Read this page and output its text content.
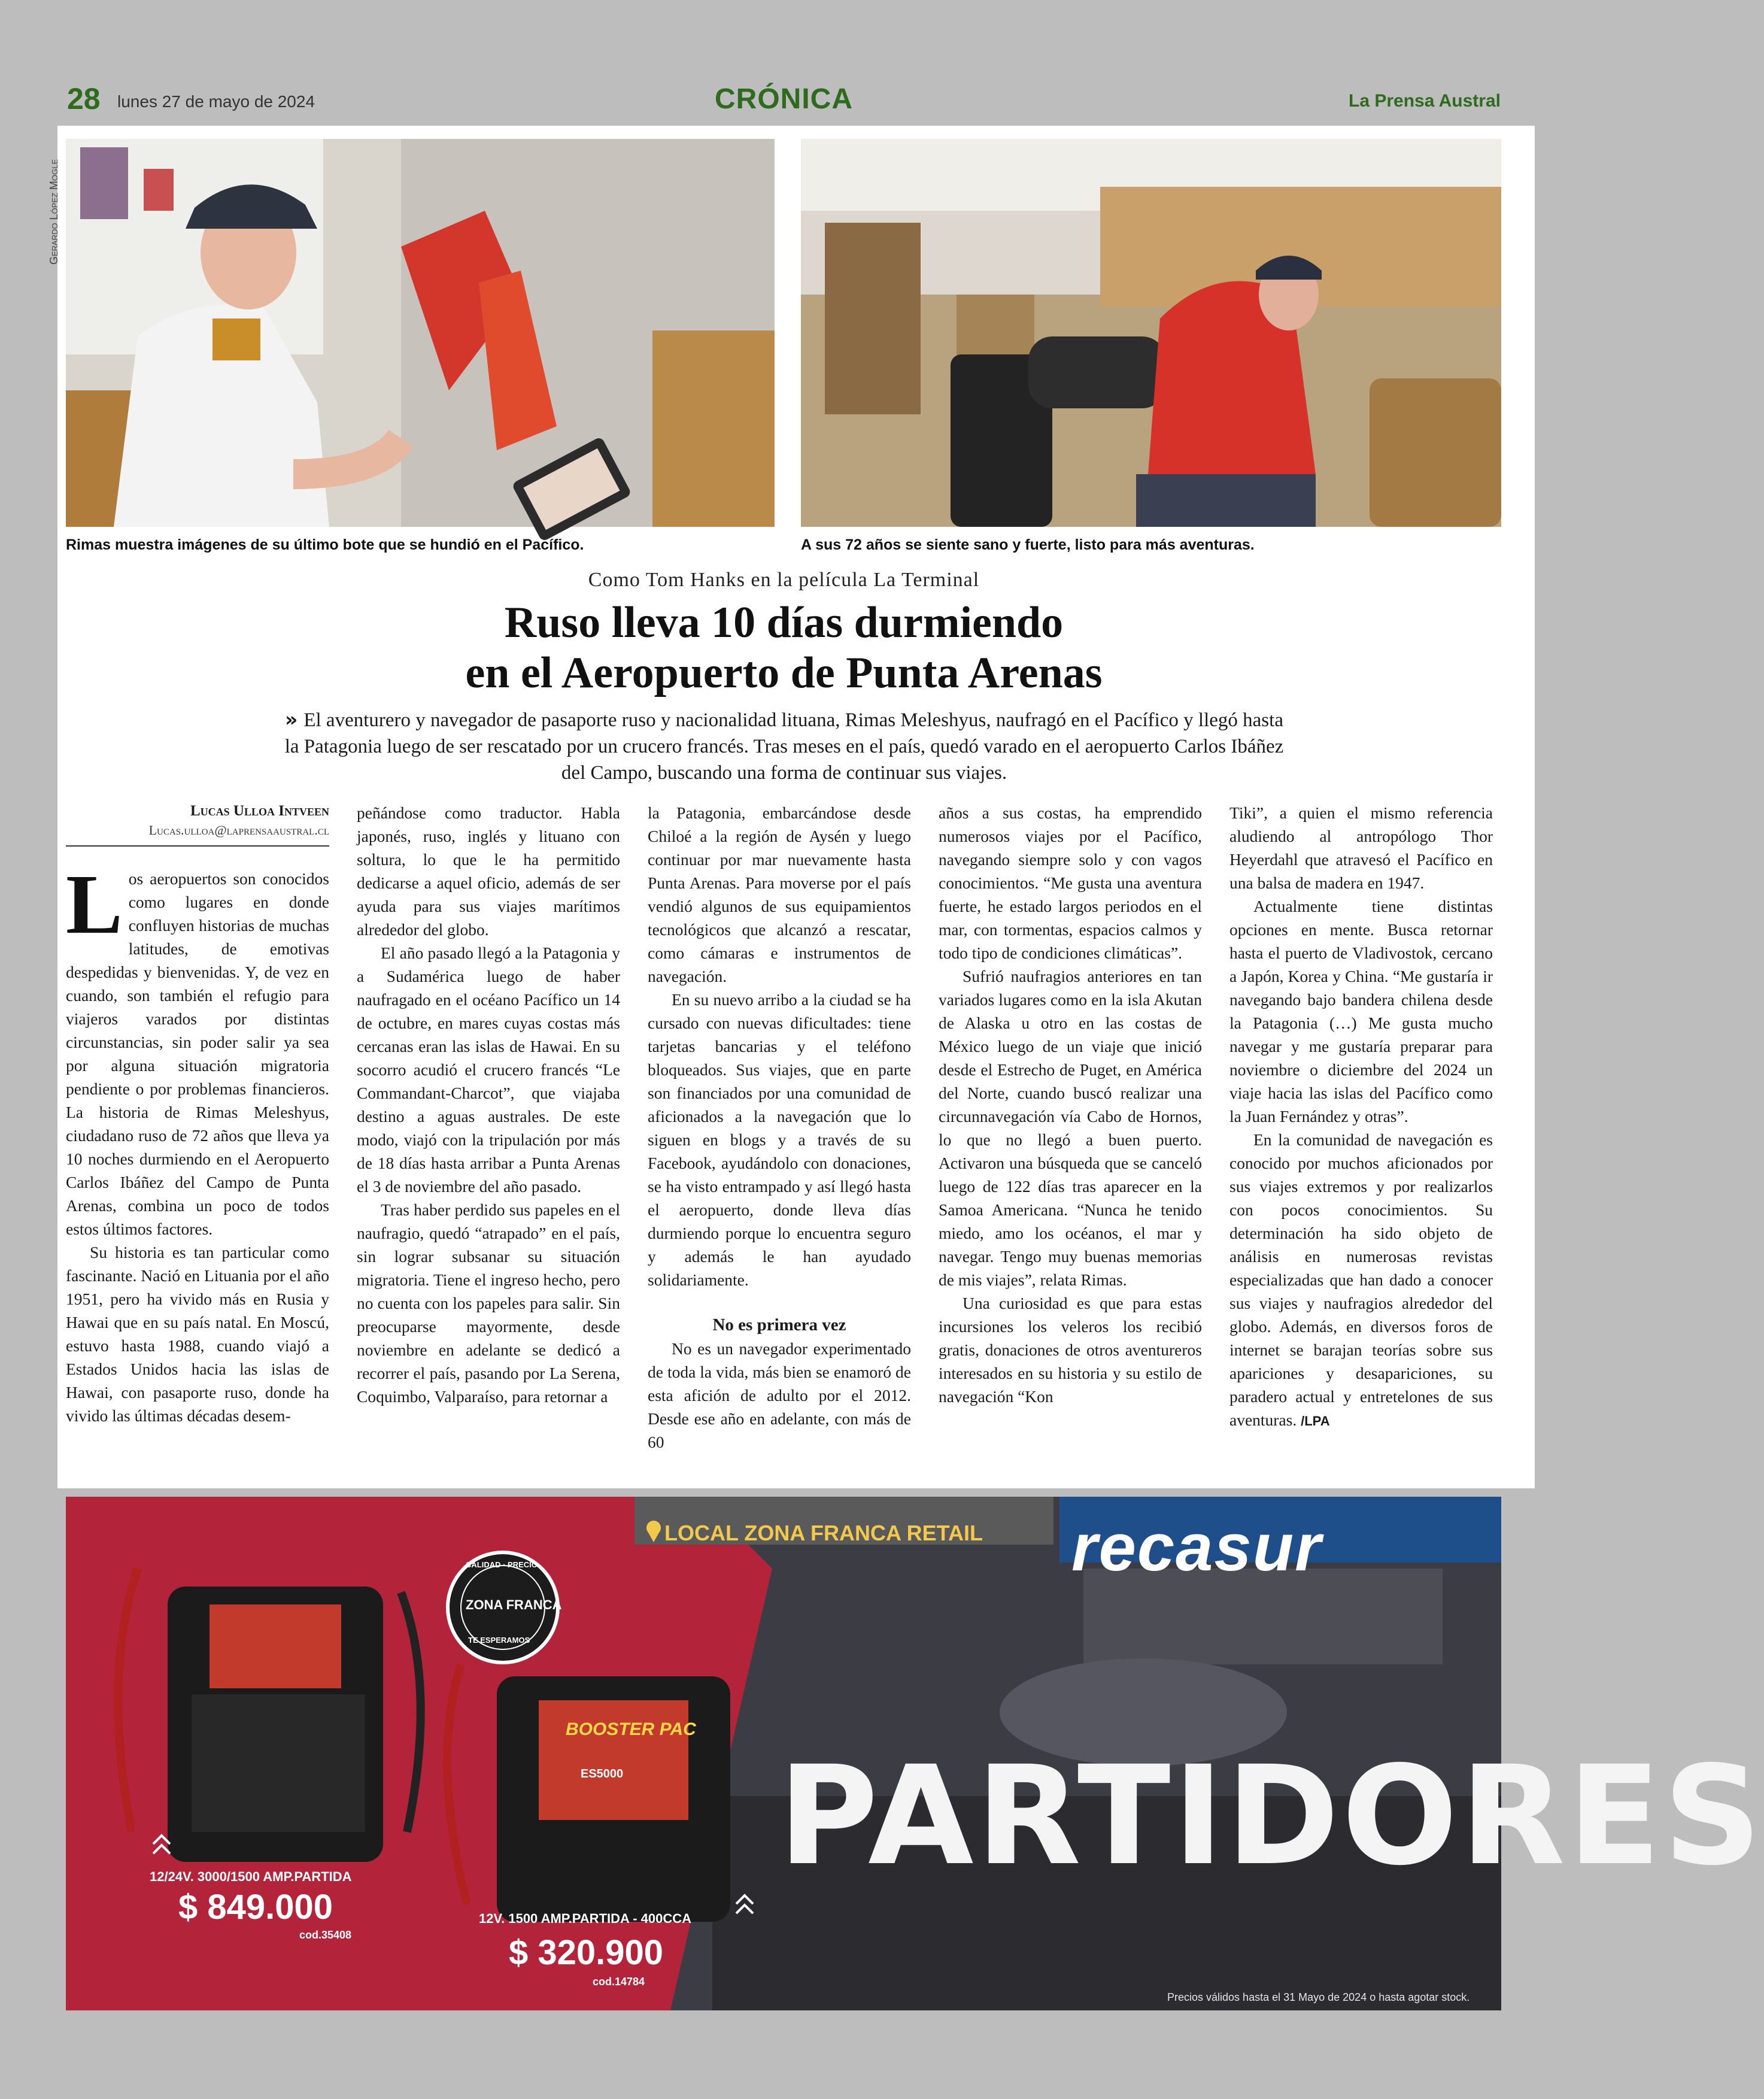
28 lunes 27 de mayo de 2024	CRÓNICA	La Prensa Austral
Gerardo López Mogle
Rimas muestra imágenes de su último bote que se hundió en el Pacífico.	A sus 72 años se siente sano y fuerte, listo para más aventuras.
Como Tom Hanks en la película La Terminal
Ruso lleva 10 días durmiendo
en el Aeropuerto de Punta Arenas
» El aventurero y navegador de pasaporte ruso y nacionalidad lituana, Rimas Meleshyus, naufragó en el Pacífico y llegó hasta la Patagonia luego de ser rescatado por un crucero francés. Tras meses en el país, quedó varado en el aeropuerto Carlos Ibáñez del Campo, buscando una forma de continuar sus viajes.
Lucas Ulloa Intveen
Lucas.ulloa@laprensaaustral.cl

Los aeropuertos son conocidos como lugares en donde confluyen historias de muchas latitudes, de emotivas despedidas y bienvenidas. Y, de vez en cuando, son también el refugio para viajeros varados por distintas circunstancias, sin poder salir ya sea por alguna situación migratoria pendiente o por problemas financieros. La historia de Rimas Meleshyus, ciudadano ruso de 72 años que lleva ya 10 noches durmiendo en el Aeropuerto Carlos Ibáñez del Campo de Punta Arenas, combina un poco de todos estos últimos factores.

Su historia es tan particular como fascinante. Nació en Lituania por el año 1951, pero ha vivido más en Rusia y Hawai que en su país natal. En Moscú, estuvo hasta 1988, cuando viajó a Estados Unidos hacia las islas de Hawai, con pasaporte ruso, donde ha vivido las últimas décadas desem-

peñándose como traductor. Habla japonés, ruso, inglés y lituano con soltura, lo que le ha permitido dedicarse a aquel oficio, además de ser ayuda para sus viajes marítimos alrededor del globo.

El año pasado llegó a la Patagonia y a Sudamérica luego de haber naufragado en el océano Pacífico un 14 de octubre, en mares cuyas costas más cercanas eran las islas de Hawai. En su socorro acudió el crucero francés “Le Commandant-Charcot”, que viajaba destino a aguas australes. De este modo, viajó con la tripulación por más de 18 días hasta arribar a Punta Arenas el 3 de noviembre del año pasado.

Tras haber perdido sus papeles en el naufragio, quedó “atrapado” en el país, sin lograr subsanar su situación migratoria. Tiene el ingreso hecho, pero no cuenta con los papeles para salir. Sin preocuparse mayormente, desde noviembre en adelante se dedicó a recorrer el país, pasando por La Serena, Coquimbo, Valparaíso, para retornar a

la Patagonia, embarcándose desde Chiloé a la región de Aysén y luego continuar por mar nuevamente hasta Punta Arenas. Para moverse por el país vendió algunos de sus equipamientos tecnológicos que alcanzó a rescatar, como cámaras e instrumentos de navegación.

En su nuevo arribo a la ciudad se ha cursado con nuevas dificultades: tiene tarjetas bancarias y el teléfono bloqueados. Sus viajes, que en parte son financiados por una comunidad de aficionados a la navegación que lo siguen en blogs y a través de su Facebook, ayudándolo con donaciones, se ha visto entrampado y así llegó hasta el aeropuerto, donde lleva días durmiendo porque lo encuentra seguro y además le han ayudado solidariamente.

No es primera vez

No es un navegador experimentado de toda la vida, más bien se enamoró de esta afición de adulto por el 2012. Desde ese año en adelante, con más de 60

años a sus costas, ha emprendido numerosos viajes por el Pacífico, navegando siempre solo y con vagos conocimientos. “Me gusta una aventura fuerte, he estado largos periodos en el mar, con tormentas, espacios calmos y todo tipo de condiciones climáticas”.

Sufrió naufragios anteriores en tan variados lugares como en la isla Akutan de Alaska u otro en las costas de México luego de un viaje que inició desde el Estrecho de Puget, en América del Norte, cuando buscó realizar una circunnavegación vía Cabo de Hornos, lo que no llegó a buen puerto. Activaron una búsqueda que se canceló luego de 122 días tras aparecer en la Samoa Americana. “Nunca he tenido miedo, amo los océanos, el mar y navegar. Tengo muy buenas memorias de mis viajes”, relata Rimas.

Una curiosidad es que para estas incursiones los veleros los recibió gratis, donaciones de otros aventureros interesados en su historia y su estilo de navegación “Kon

Tiki”, a quien el mismo referencia aludiendo al antropólogo Thor Heyerdahl que atravesó el Pacífico en una balsa de madera en 1947.

Actualmente tiene distintas opciones en mente. Busca retornar hasta el puerto de Vladivostok, cercano a Japón, Korea y China. “Me gustaría ir navegando bajo bandera chilena desde la Patagonia (…) Me gusta mucho navegar y me gustaría preparar para noviembre o diciembre del 2024 un viaje hacia las islas del Pacífico como la Juan Fernández y otras”.

En la comunidad de navegación es conocido por muchos aficionados por sus viajes extremos y por realizarlos con pocos conocimientos. Su determinación ha sido objeto de análisis en numerosas revistas especializadas que han dado a conocer sus viajes y naufragios alrededor del globo. Además, en diversos foros de internet se barajan teorías sobre sus apariciones y desapariciones, su paradero actual y entretelones de sus aventuras. /LPA

LOCAL ZONA FRANCA RETAIL recasur
CALIDAD · PRECIO
ZONA FRANCA
TE ESPERAMOS
BOOSTER PAC
ES5000 PARTIDORES
12/24V. 3000/1500 AMP.PARTIDA
$ 849.000
cod.35408
12V. 1500 AMP.PARTIDA - 400CCA
$ 320.900
cod.14784
Precios válidos hasta el 31 Mayo de 2024 o hasta agotar stock.
